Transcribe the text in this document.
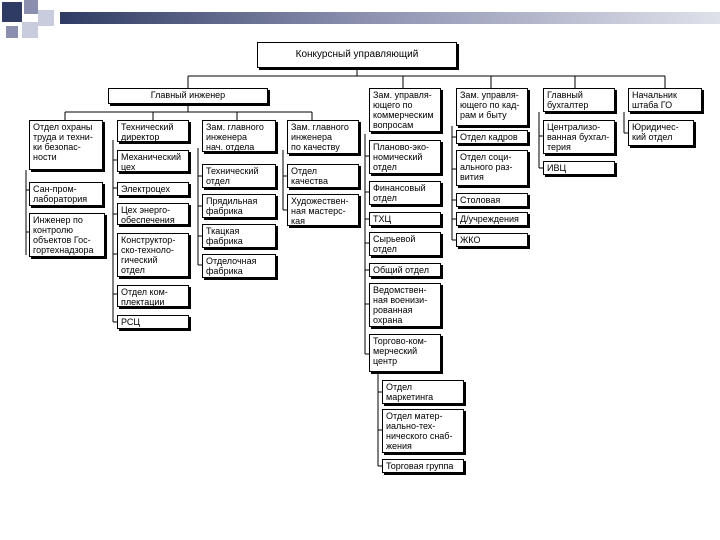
Конкурсный управляющий
Главный инженер
Отдел охраны
труда и техни-
ки безопас-
ности
Сан-пром-
лаборатория
Инженер по
контролю
объектов Гос-
гортехнадзора
Технический
директор
Механический
цех
Электроцех
Цех энерго-
обеспечения
Конструктор-
ско-техноло-
гический
отдел
Отдел ком-
плектации
РСЦ
Зам. главного
инженера
нач. отдела
Технический
отдел
Прядильная
фабрика
Ткацкая
фабрика
Отделочная
фабрика
Зам. главного
инженера
по качеству
Отдел
качества
Художествен-
ная мастерс-
кая
Зам. управля-
ющего по
коммерческим
вопросам
Планово-эко-
номический
отдел
Финансовый
отдел
ТХЦ
Сырьевой
отдел
Общий отдел
Ведомствен-
ная военизи-
рованная
охрана
Торгово-ком-
мерческий
центр
Отдел
маркетинга
Отдел матер-
иально-тех-
нического снаб-
жения
Торговая группа
Зам. управля-
ющего по кад-
рам и быту
Отдел кадров
Отдел соци-
ального раз-
вития
Столовая
Д/учреждения
ЖКО
Главный
бухгалтер
Централизо-
ванная бухгал-
терия
ИВЦ
Начальник
штаба ГО
Юридичес-
кий отдел
